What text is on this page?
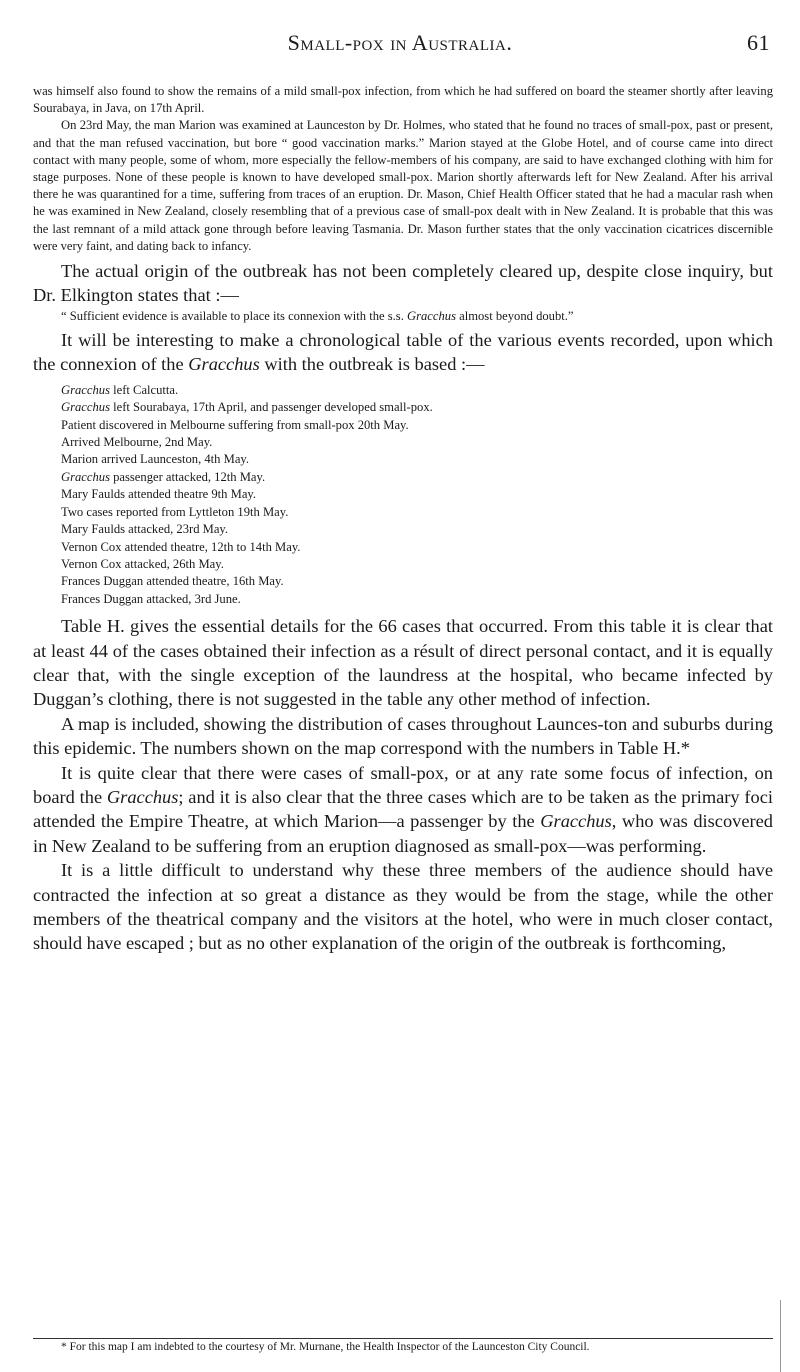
Small-pox in Australia.	61

was himself also found to show the remains of a mild small-pox infection, from which he had suffered on board the steamer shortly after leaving Sourabaya, in Java, on 17th April.

On 23rd May, the man Marion was examined at Launceston by Dr. Holmes, who stated that he found no traces of small-pox, past or present, and that the man refused vaccination, but bore “ good vaccination marks.” Marion stayed at the Globe Hotel, and of course came into direct contact with many people, some of whom, more especially the fellow-members of his company, are said to have exchanged clothing with him for stage purposes. None of these people is known to have developed small-pox. Marion shortly afterwards left for New Zealand. After his arrival there he was quarantined for a time, suffering from traces of an eruption. Dr. Mason, Chief Health Officer stated that he had a macular rash when he was examined in New Zealand, closely resembling that of a previous case of small-pox dealt with in New Zealand. It is probable that this was the last remnant of a mild attack gone through before leaving Tasmania. Dr. Mason further states that the only vaccination cicatrices discernible were very faint, and dating back to infancy.

The actual origin of the outbreak has not been completely cleared up, despite close inquiry, but Dr. Elkington states that :—

“ Sufficient evidence is available to place its connexion with the s.s. Gracchus almost beyond doubt.”

It will be interesting to make a chronological table of the various events recorded, upon which the connexion of the Gracchus with the outbreak is based :—

Gracchus left Calcutta.
Gracchus left Sourabaya, 17th April, and passenger developed small-pox.
Patient discovered in Melbourne suffering from small-pox 20th May.
Arrived Melbourne, 2nd May.
Marion arrived Launceston, 4th May.
Gracchus passenger attacked, 12th May.
Mary Faulds attended theatre 9th May.
Two cases reported from Lyttleton 19th May.
Mary Faulds attacked, 23rd May.
Vernon Cox attended theatre, 12th to 14th May.
Vernon Cox attacked, 26th May.
Frances Duggan attended theatre, 16th May.
Frances Duggan attacked, 3rd June.

Table H. gives the essential details for the 66 cases that occurred. From this table it is clear that at least 44 of the cases obtained their infection as a résult of direct personal contact, and it is equally clear that, with the single exception of the laundress at the hospital, who became infected by Duggan’s clothing, there is not suggested in the table any other method of infection.

A map is included, showing the distribution of cases throughout Launces-ton and suburbs during this epidemic. The numbers shown on the map correspond with the numbers in Table H.*

It is quite clear that there were cases of small-pox, or at any rate some focus of infection, on board the Gracchus; and it is also clear that the three cases which are to be taken as the primary foci attended the Empire Theatre, at which Marion—a passenger by the Gracchus, who was discovered in New Zealand to be suffering from an eruption diagnosed as small-pox—was performing.

It is a little difficult to understand why these three members of the audience should have contracted the infection at so great a distance as they would be from the stage, while the other members of the theatrical company and the visitors at the hotel, who were in much closer contact, should have escaped ; but as no other explanation of the origin of the outbreak is forthcoming,

* For this map I am indebted to the courtesy of Mr. Murnane, the Health Inspector of the Launceston City Council.
